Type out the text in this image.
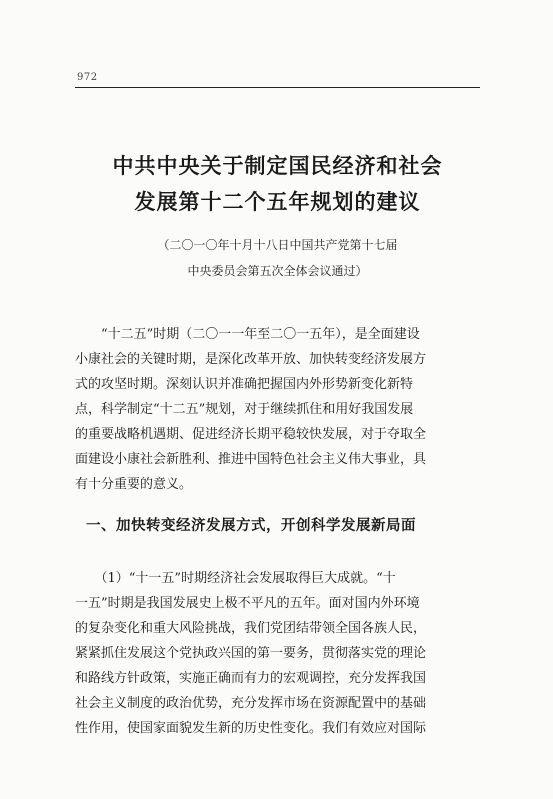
972
中共中央关于制定国民经济和社会
发展第十二个五年规划的建议

（二〇一〇年十月十八日中国共产党第十七届
中央委员会第五次全体会议通过）

　　“十二五”时期（二〇一一年至二〇一五年），是全面建设
小康社会的关键时期，是深化改革开放、加快转变经济发展方
式的攻坚时期。深刻认识并准确把握国内外形势新变化新特
点，科学制定“十二五”规划，对于继续抓住和用好我国发展
的重要战略机遇期、促进经济长期平稳较快发展，对于夺取全
面建设小康社会新胜利、推进中国特色社会主义伟大事业，具
有十分重要的意义。

一、加快转变经济发展方式，开创科学发展新局面

　　（1）“十一五”时期经济社会发展取得巨大成就。“十
一五”时期是我国发展史上极不平凡的五年。面对国内外环境
的复杂变化和重大风险挑战，我们党团结带领全国各族人民，
紧紧抓住发展这个党执政兴国的第一要务，贯彻落实党的理论
和路线方针政策，实施正确而有力的宏观调控，充分发挥我国
社会主义制度的政治优势，充分发挥市场在资源配置中的基础
性作用，使国家面貌发生新的历史性变化。我们有效应对国际
